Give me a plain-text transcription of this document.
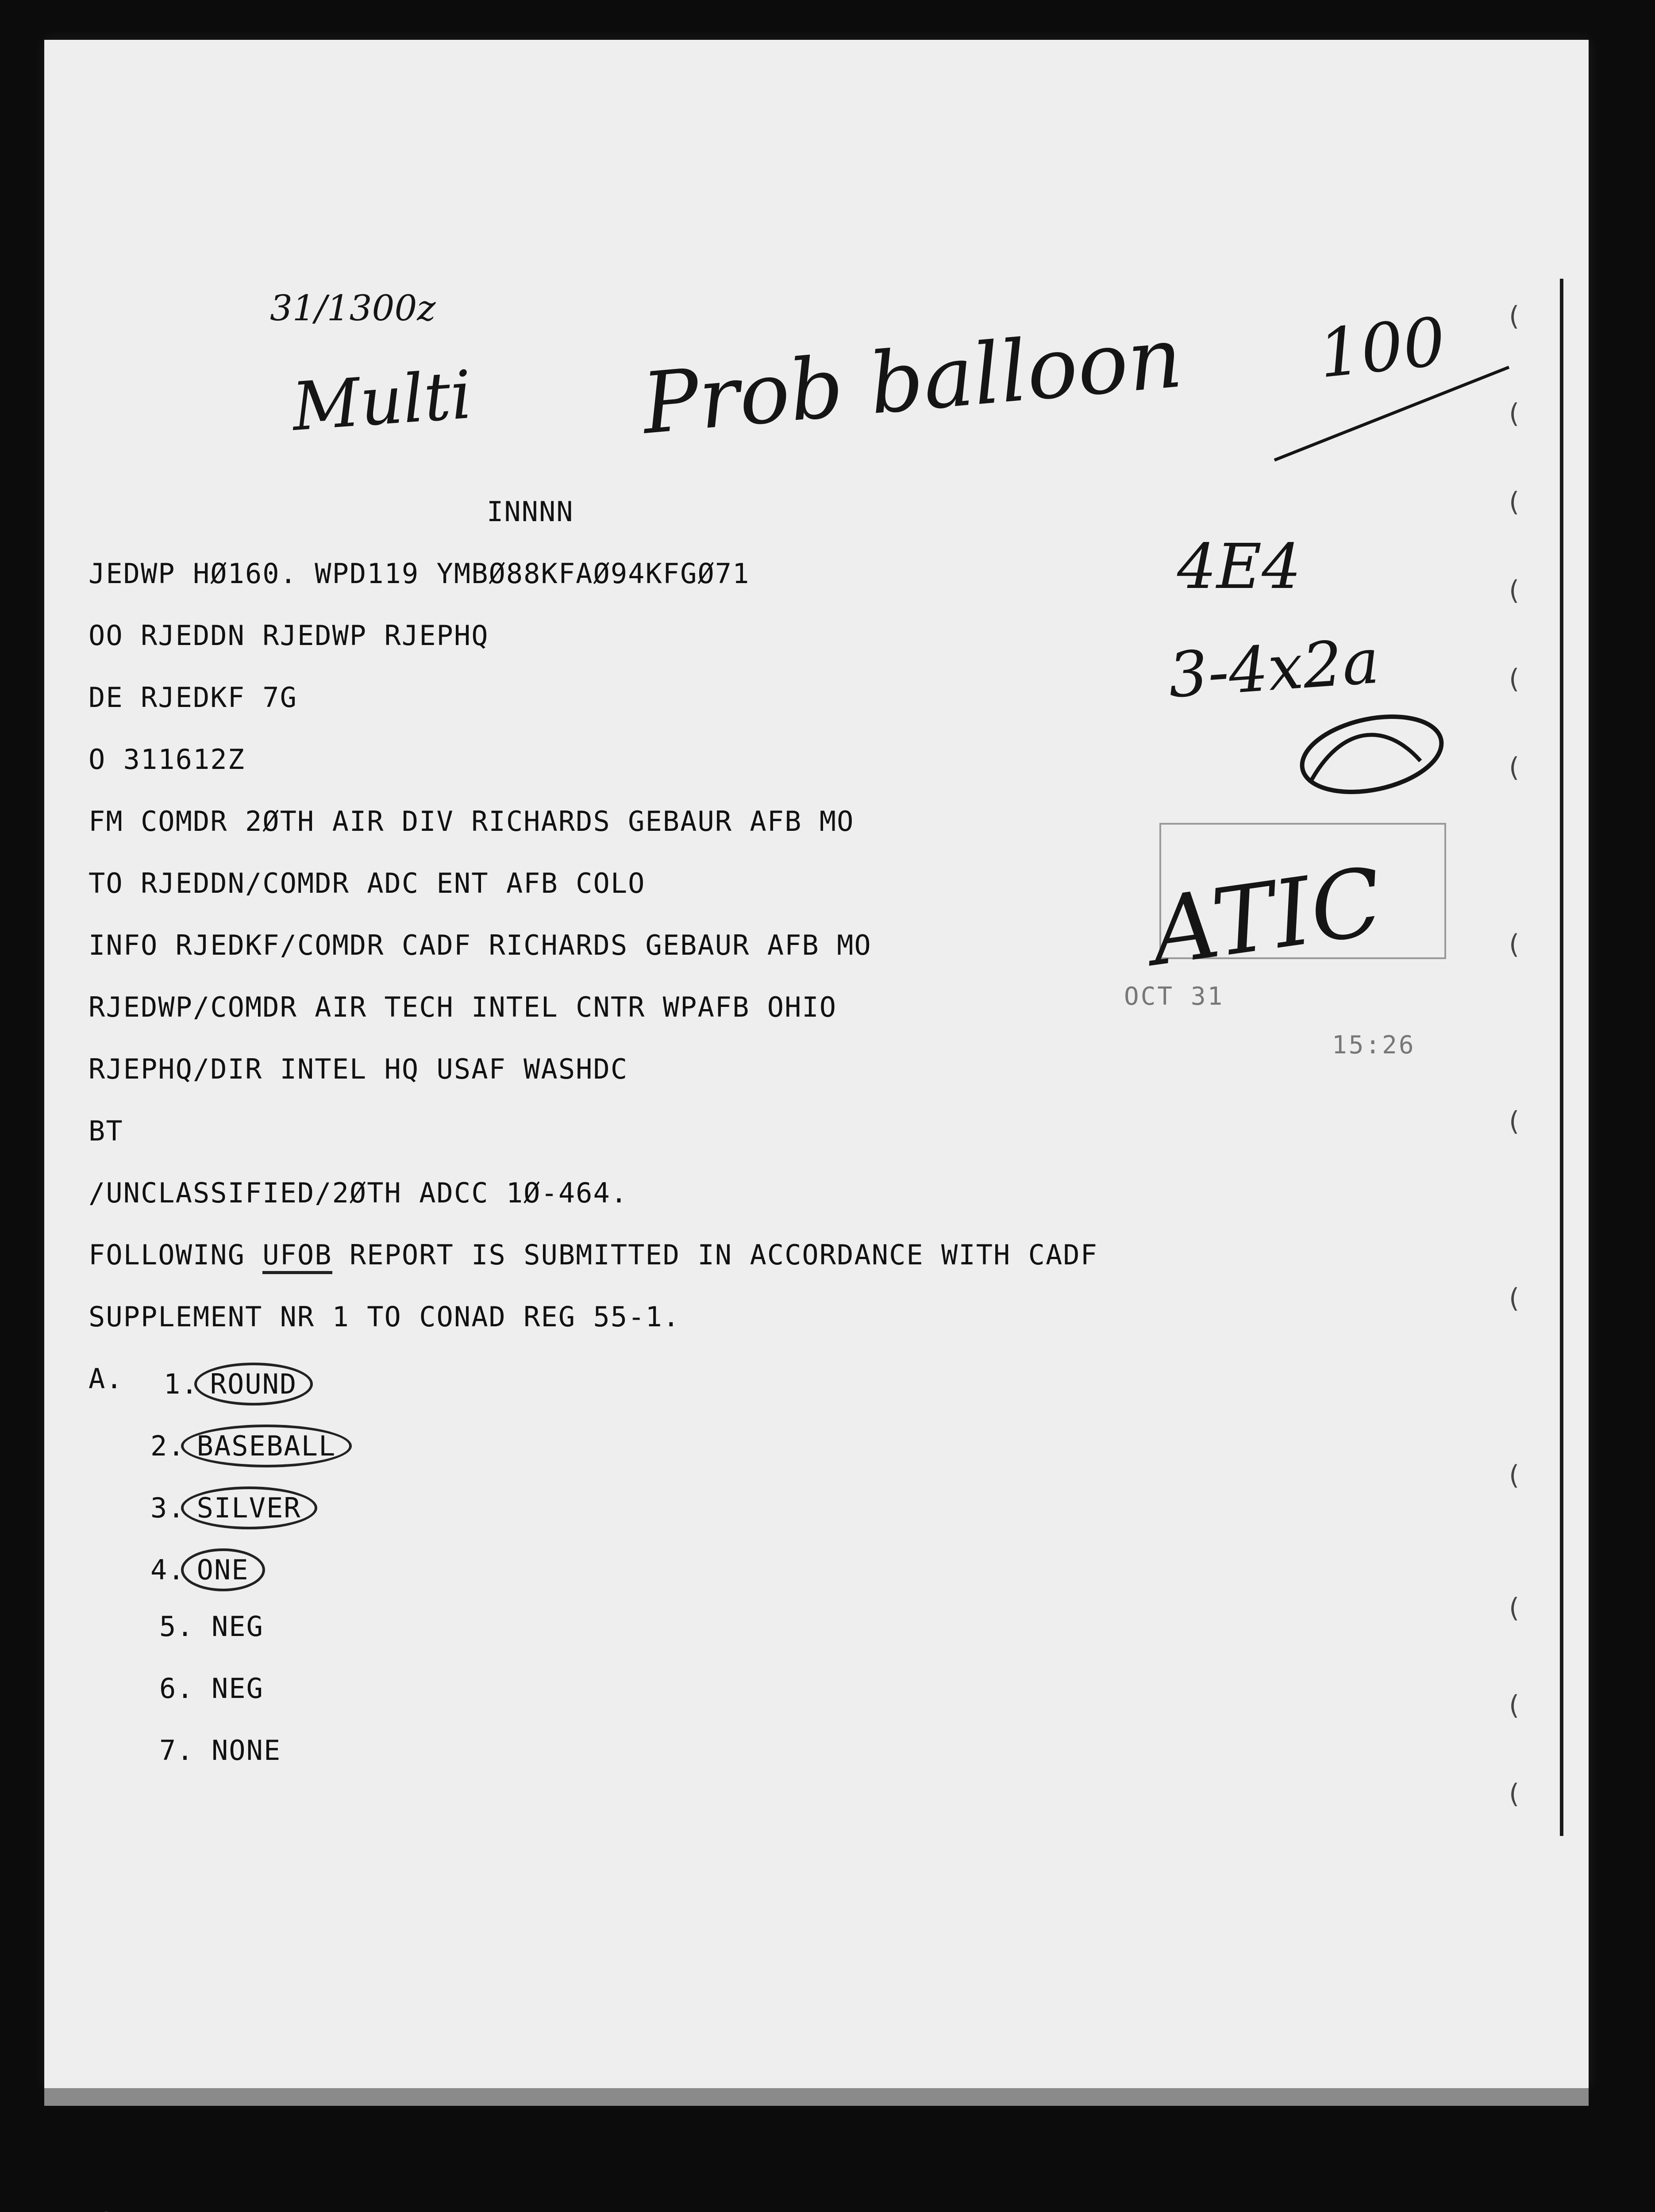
(
(
(
(
(
(
(
(
(
(
(
(
(
31/1300z
Multi Prob balloon 100
4E4
3-4x2a
ATIC
OCT 31
15:26
INNNN
JEDWP HØ160. WPD119 YMBØ88KFAØ94KFGØ71
OO RJEDDN RJEDWP RJEPHQ
DE RJEDKF 7G
O 311612Z
FM COMDR 2ØTH AIR DIV RICHARDS GEBAUR AFB MO
TO RJEDDN/COMDR ADC ENT AFB COLO
INFO RJEDKF/COMDR CADF RICHARDS GEBAUR AFB MO
RJEDWP/COMDR AIR TECH INTEL CNTR WPAFB OHIO
RJEPHQ/DIR INTEL HQ USAF WASHDC
BT
/UNCLASSIFIED/2ØTH ADCC 1Ø-464.
FOLLOWING UFOB REPORT IS SUBMITTED IN ACCORDANCE WITH CADF
SUPPLEMENT NR 1 TO CONAD REG 55-1.
A. 1. ROUND
2. BASEBALL
3. SILVER
4. ONE
5. NEG
6. NEG
7. NONE
